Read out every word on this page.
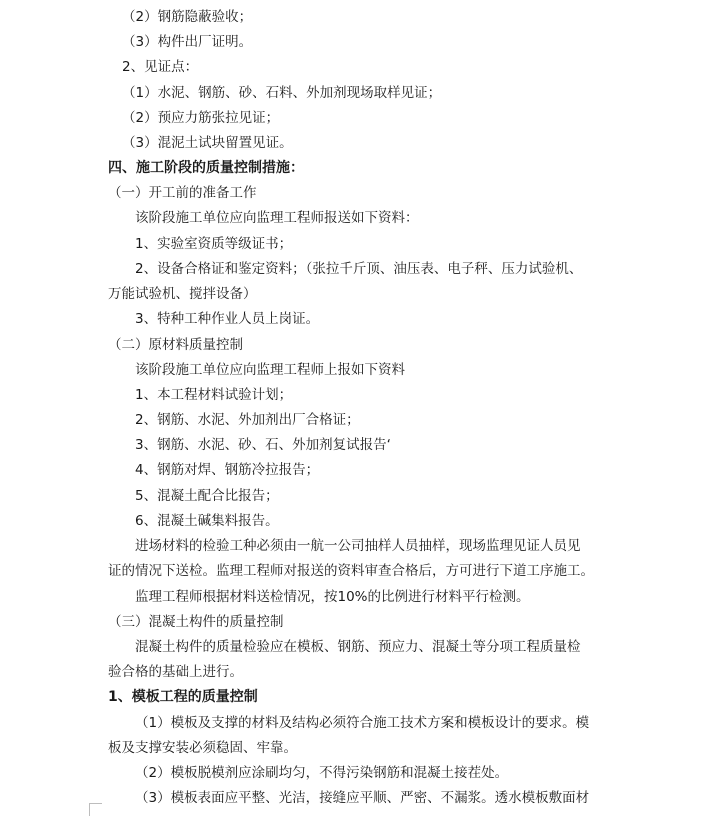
（2）钢筋隐蔽验收；
（3）构件出厂证明。
2、见证点：
（1）水泥、钢筋、砂、石料、外加剂现场取样见证；
（2）预应力筋张拉见证；
（3）混泥土试块留置见证。
四、施工阶段的质量控制措施：
（一）开工前的准备工作
该阶段施工单位应向监理工程师报送如下资料：
1、实验室资质等级证书；
2、设备合格证和鉴定资料；（张拉千斤顶、油压表、电子秤、压力试验机、
万能试验机、搅拌设备）
3、特种工种作业人员上岗证。
（二）原材料质量控制
该阶段施工单位应向监理工程师上报如下资料
1、本工程材料试验计划；
2、钢筋、水泥、外加剂出厂合格证；
3、钢筋、水泥、砂、石、外加剂复试报告‘
4、钢筋对焊、钢筋冷拉报告；
5、混凝土配合比报告；
6、混凝土碱集料报告。
进场材料的检验工种必须由一航一公司抽样人员抽样，现场监理见证人员见
证的情况下送检。监理工程师对报送的资料审查合格后，方可进行下道工序施工。
监理工程师根据材料送检情况，按10%的比例进行材料平行检测。
（三）混凝土构件的质量控制
混凝土构件的质量检验应在模板、钢筋、预应力、混凝土等分项工程质量检
验合格的基础上进行。
1、模板工程的质量控制
（1）模板及支撑的材料及结构必须符合施工技术方案和模板设计的要求。模
板及支撑安装必须稳固、牢靠。
（2）模板脱模剂应涂刷均匀，不得污染钢筋和混凝土接茬处。
（3）模板表面应平整、光洁，接缝应平顺、严密、不漏浆。透水模板敷面材
